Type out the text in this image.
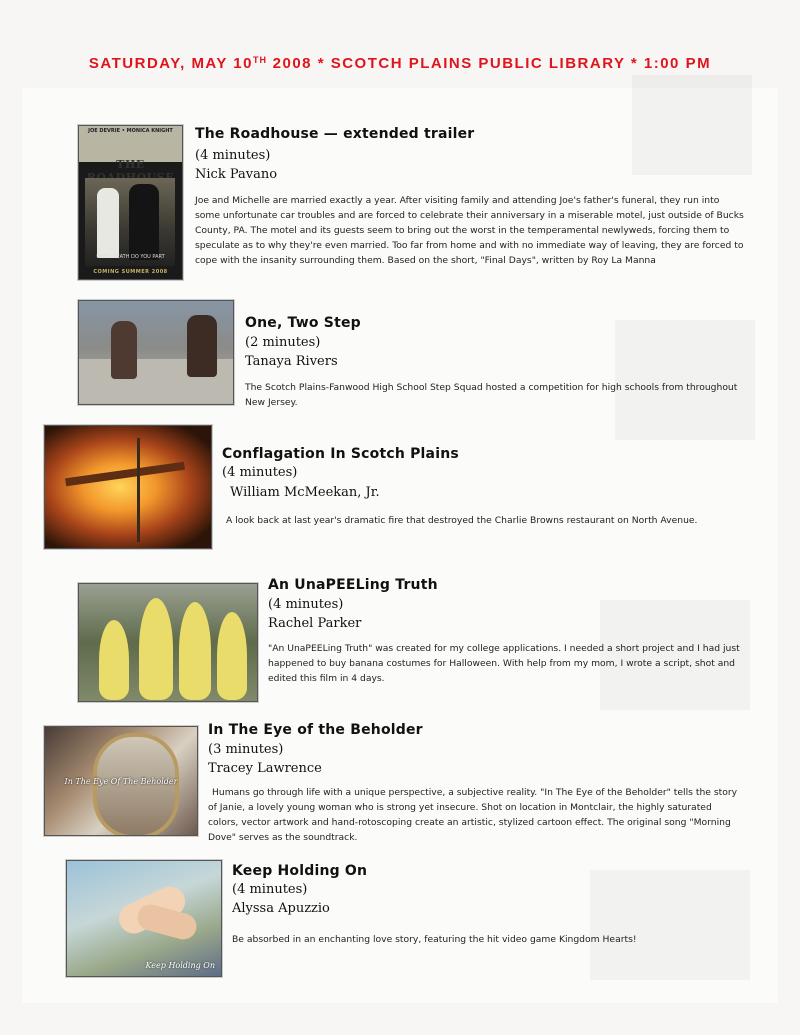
SATURDAY, MAY 10TH 2008 * SCOTCH PLAINS PUBLIC LIBRARY * 1:00 PM
JOE DEVRIE • MONICA KNIGHT
THE
UNTIL DEATH DO YOU PART
COMING SUMMER 2008
The Roadhouse — extended trailer
(4 minutes)
Nick Pavano
Joe and Michelle are married exactly a year. After visiting family and attending Joe's father's funeral, they run into some unfortunate car troubles and are forced to celebrate their anniversary in a miserable motel, just outside of Bucks County, PA. The motel and its guests seem to bring out the worst in the temperamental newlyweds, forcing them to speculate as to why they're even married. Too far from home and with no immediate way of leaving, they are forced to cope with the insanity surrounding them. Based on the short, "Final Days", written by Roy La Manna
One, Two Step
(2 minutes)
Tanaya Rivers
The Scotch Plains-Fanwood High School Step Squad hosted a competition for high schools from throughout New Jersey.
Conflagation In Scotch Plains
(4 minutes)
William McMeekan, Jr.
A look back at last year's dramatic fire that destroyed the Charlie Browns restaurant on North Avenue.
An UnaPEELing Truth
(4 minutes)
Rachel Parker
"An UnaPEELing Truth" was created for my college applications. I needed a short project and I had just happened to buy banana costumes for Halloween. With help from my mom, I wrote a script, shot and edited this film in 4 days.
In The Eye Of The Beholder
In The Eye of the Beholder
(3 minutes)
Tracey Lawrence
Humans go through life with a unique perspective, a subjective reality. "In The Eye of the Beholder" tells the story of Janie, a lovely young woman who is strong yet insecure. Shot on location in Montclair, the highly saturated colors, vector artwork and hand-rotoscoping create an artistic, stylized cartoon effect. The original song "Morning Dove" serves as the soundtrack.
Keep Holding On
Keep Holding On
(4 minutes)
Alyssa Apuzzio
Be absorbed in an enchanting love story, featuring the hit video game Kingdom Hearts!
